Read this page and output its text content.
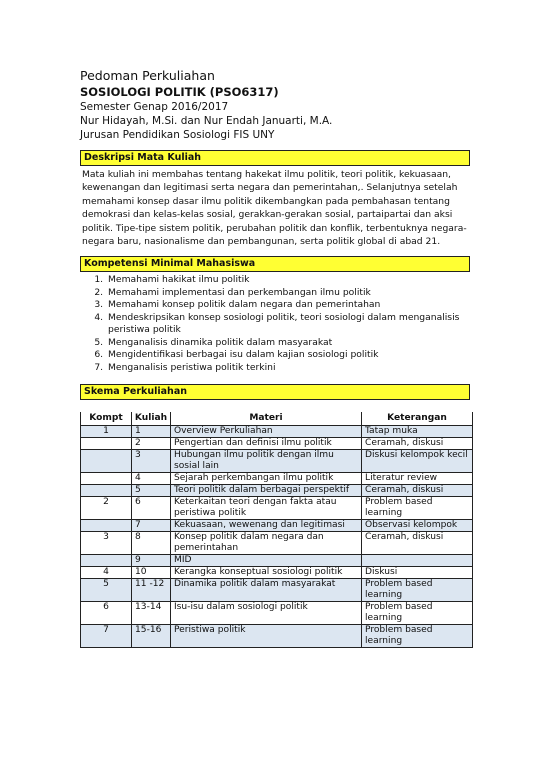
Pedoman Perkuliahan
SOSIOLOGI POLITIK (PSO6317)
Semester Genap 2016/2017
Nur Hidayah, M.Si. dan Nur Endah Januarti, M.A.
Jurusan Pendidikan Sosiologi FIS UNY
Deskripsi Mata Kuliah
Mata kuliah ini membahas tentang hakekat ilmu politik, teori politik, kekuasaan, kewenangan dan legitimasi serta negara dan pemerintahan,. Selanjutnya setelah memahami konsep dasar ilmu politik dikembangkan pada pembahasan tentang demokrasi dan kelas-kelas sosial, gerakkan-gerakan sosial, partaipartai dan aksi politik. Tipe-tipe sistem politik, perubahan politik dan konflik, terbentuknya negara-negara baru, nasionalisme dan pembangunan, serta politik global di abad 21.
Kompetensi Minimal Mahasiswa
1. Memahami hakikat ilmu politik
2. Memahami implementasi dan perkembangan ilmu politik
3. Memahami konsep politik dalam negara dan pemerintahan
4. Mendeskripsikan konsep sosiologi politik, teori sosiologi dalam menganalisis peristiwa politik
5. Menganalisis dinamika politik dalam masyarakat
6. Mengidentifikasi berbagai isu dalam kajian sosiologi politik
7. Menganalisis peristiwa politik terkini
Skema Perkuliahan
Kompt	Kuliah	Materi	Keterangan
1	1	Overview Perkuliahan	Tatap muka
	2	Pengertian dan definisi ilmu politik	Ceramah, diskusi
	3	Hubungan ilmu politik dengan ilmu sosial lain	Diskusi kelompok kecil
	4	Sejarah perkembangan ilmu politik	Literatur review
	5	Teori politik dalam berbagai perspektif	Ceramah, diskusi
2	6	Keterkaitan teori dengan fakta atau peristiwa politik	Problem based learning
	7	Kekuasaan, wewenang dan legitimasi	Observasi kelompok
3	8	Konsep politik dalam negara dan pemerintahan	Ceramah, diskusi
	9	MID	
4	10	Kerangka konseptual sosiologi politik	Diskusi
5	11 -12	Dinamika politik dalam masyarakat	Problem based learning
6	13-14	Isu-isu dalam sosiologi politik	Problem based learning
7	15-16	Peristiwa politik	Problem based learning
